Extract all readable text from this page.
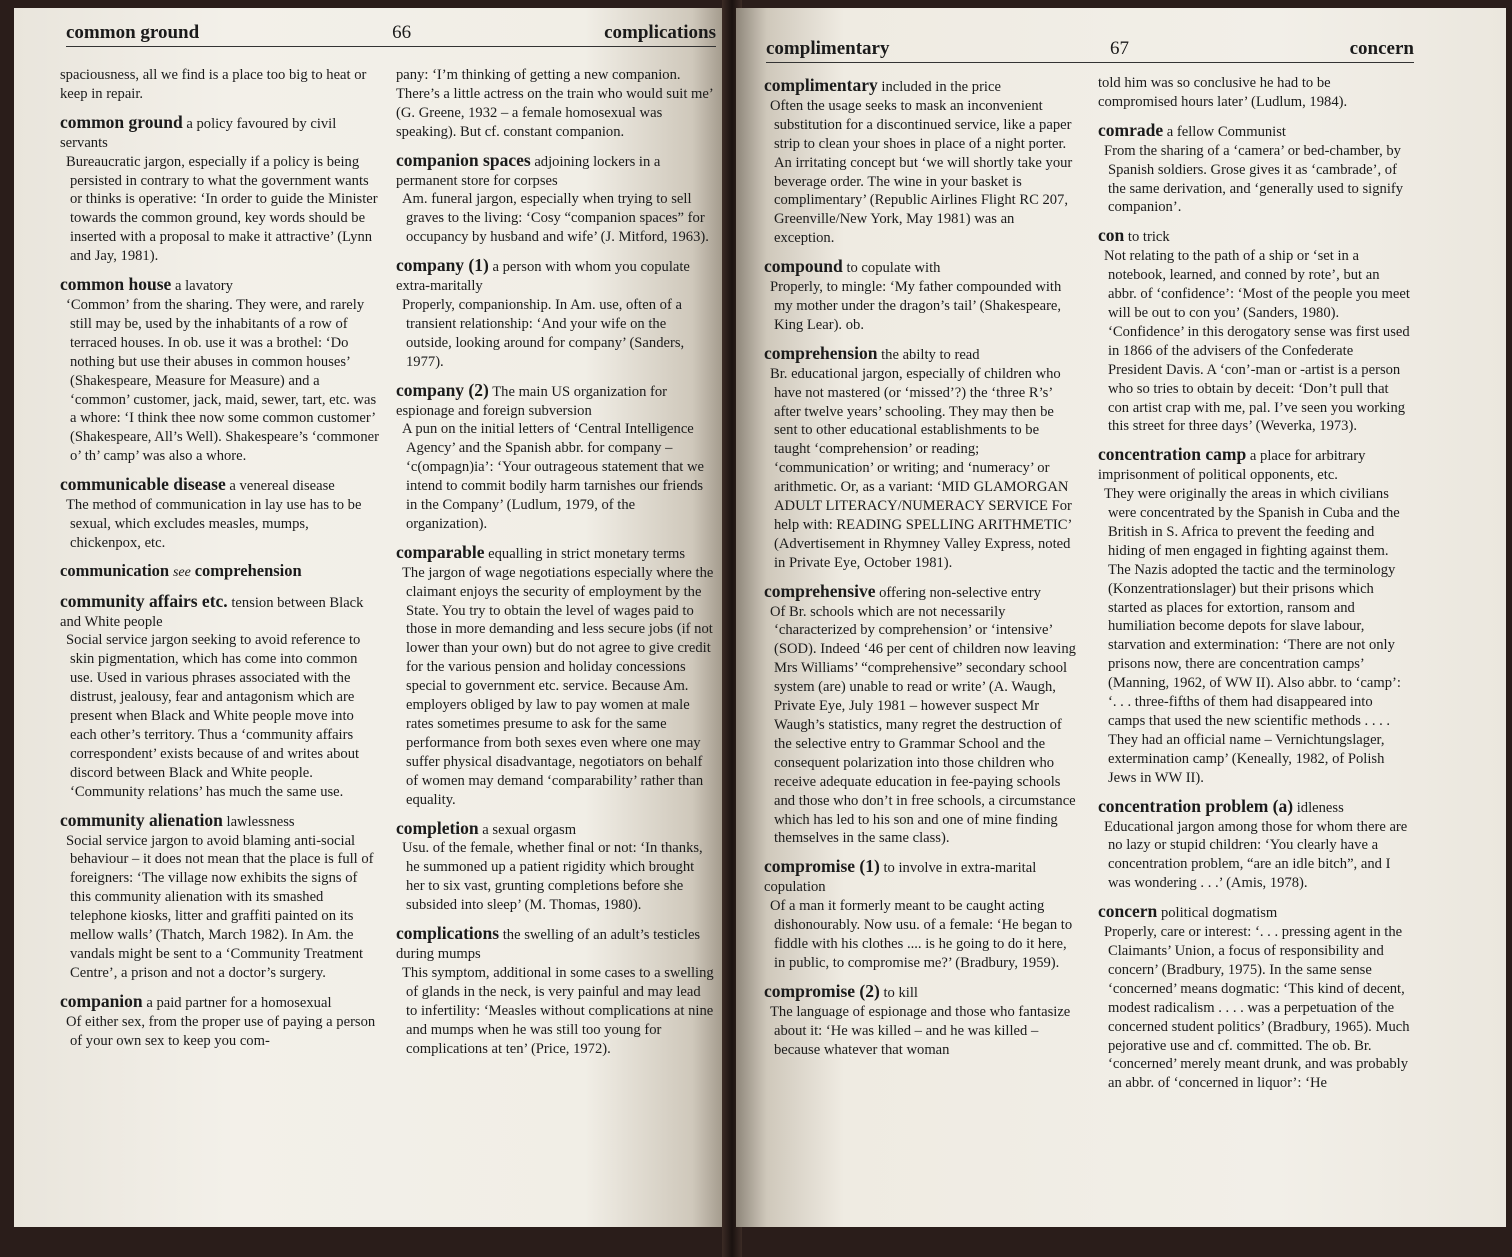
common ground	66	complications
spaciousness, all we find is a place too big to heat or keep in repair.
common ground a policy favoured by civil servants
Bureaucratic jargon, especially if a policy is being persisted in contrary to what the government wants or thinks is operative: ‘In order to guide the Minister towards the common ground, key words should be inserted with a proposal to make it attractive’ (Lynn and Jay, 1981).
common house a lavatory
‘Common’ from the sharing. They were, and rarely still may be, used by the inhabitants of a row of terraced houses. In ob. use it was a brothel: ‘Do nothing but use their abuses in common houses’ (Shakespeare, Measure for Measure) and a ‘common’ customer, jack, maid, sewer, tart, etc. was a whore: ‘I think thee now some common customer’ (Shakespeare, All’s Well). Shakespeare’s ‘commoner o’ th’ camp’ was also a whore.
communicable disease a venereal disease
The method of communication in lay use has to be sexual, which excludes measles, mumps, chickenpox, etc.
communication see comprehension
community affairs etc. tension between Black and White people
Social service jargon seeking to avoid reference to skin pigmentation, which has come into common use. Used in various phrases associated with the distrust, jealousy, fear and antagonism which are present when Black and White people move into each other’s territory. Thus a ‘community affairs correspondent’ exists because of and writes about discord between Black and White people. ‘Community relations’ has much the same use.
community alienation lawlessness
Social service jargon to avoid blaming anti-social behaviour – it does not mean that the place is full of foreigners: ‘The village now exhibits the signs of this community alienation with its smashed telephone kiosks, litter and graffiti painted on its mellow walls’ (Thatch, March 1982). In Am. the vandals might be sent to a ‘Community Treatment Centre’, a prison and not a doctor’s surgery.
companion a paid partner for a homosexual
Of either sex, from the proper use of paying a person of your own sex to keep you com-
pany: ‘I’m thinking of getting a new companion. There’s a little actress on the train who would suit me’ (G. Greene, 1932 – a female homosexual was speaking). But cf. constant companion.
companion spaces adjoining lockers in a permanent store for corpses
Am. funeral jargon, especially when trying to sell graves to the living: ‘Cosy “companion spaces” for occupancy by husband and wife’ (J. Mitford, 1963).
company (1) a person with whom you copulate extra-maritally
Properly, companionship. In Am. use, often of a transient relationship: ‘And your wife on the outside, looking around for company’ (Sanders, 1977).
company (2) The main US organization for espionage and foreign subversion
A pun on the initial letters of ‘Central Intelligence Agency’ and the Spanish abbr. for company – ‘c(ompagn)ia’: ‘Your outrageous statement that we intend to commit bodily harm tarnishes our friends in the Company’ (Ludlum, 1979, of the organization).
comparable equalling in strict monetary terms
The jargon of wage negotiations especially where the claimant enjoys the security of employment by the State. You try to obtain the level of wages paid to those in more demanding and less secure jobs (if not lower than your own) but do not agree to give credit for the various pension and holiday concessions special to government etc. service. Because Am. employers obliged by law to pay women at male rates sometimes presume to ask for the same performance from both sexes even where one may suffer physical disadvantage, negotiators on behalf of women may demand ‘comparability’ rather than equality.
completion a sexual orgasm
Usu. of the female, whether final or not: ‘In thanks, he summoned up a patient rigidity which brought her to six vast, grunting completions before she subsided into sleep’ (M. Thomas, 1980).
complications the swelling of an adult’s testicles during mumps
This symptom, additional in some cases to a swelling of glands in the neck, is very painful and may lead to infertility: ‘Measles without complications at nine and mumps when he was still too young for complications at ten’ (Price, 1972).
complimentary	67	concern
complimentary included in the price
Often the usage seeks to mask an inconvenient substitution for a discontinued service, like a paper strip to clean your shoes in place of a night porter. An irritating concept but ‘we will shortly take your beverage order. The wine in your basket is complimentary’ (Republic Airlines Flight RC 207, Greenville/New York, May 1981) was an exception.
compound to copulate with
Properly, to mingle: ‘My father compounded with my mother under the dragon’s tail’ (Shakespeare, King Lear). ob.
comprehension the abilty to read
Br. educational jargon, especially of children who have not mastered (or ‘missed’?) the ‘three R’s’ after twelve years’ schooling. They may then be sent to other educational establishments to be taught ‘comprehension’ or reading; ‘communication’ or writing; and ‘numeracy’ or arithmetic. Or, as a variant: ‘MID GLAMORGAN ADULT LITERACY/NUMERACY SERVICE For help with: READING SPELLING ARITHMETIC’ (Advertisement in Rhymney Valley Express, noted in Private Eye, October 1981).
comprehensive offering non-selective entry
Of Br. schools which are not necessarily ‘characterized by comprehension’ or ‘intensive’ (SOD). Indeed ‘46 per cent of children now leaving Mrs Williams’ “comprehensive” secondary school system (are) unable to read or write’ (A. Waugh, Private Eye, July 1981 – however suspect Mr Waugh’s statistics, many regret the destruction of the selective entry to Grammar School and the consequent polarization into those children who receive adequate education in fee-paying schools and those who don’t in free schools, a circumstance which has led to his son and one of mine finding themselves in the same class).
compromise (1) to involve in extra-marital copulation
Of a man it formerly meant to be caught acting dishonourably. Now usu. of a female: ‘He began to fiddle with his clothes .... is he going to do it here, in public, to compromise me?’ (Bradbury, 1959).
compromise (2) to kill
The language of espionage and those who fantasize about it: ‘He was killed – and he was killed – because whatever that woman
told him was so conclusive he had to be compromised hours later’ (Ludlum, 1984).
comrade a fellow Communist
From the sharing of a ‘camera’ or bed-chamber, by Spanish soldiers. Grose gives it as ‘cambrade’, of the same derivation, and ‘generally used to signify companion’.
con to trick
Not relating to the path of a ship or ‘set in a notebook, learned, and conned by rote’, but an abbr. of ‘confidence’: ‘Most of the people you meet will be out to con you’ (Sanders, 1980). ‘Confidence’ in this derogatory sense was first used in 1866 of the advisers of the Confederate President Davis. A ‘con’-man or -artist is a person who so tries to obtain by deceit: ‘Don’t pull that con artist crap with me, pal. I’ve seen you working this street for three days’ (Weverka, 1973).
concentration camp a place for arbitrary imprisonment of political opponents, etc.
They were originally the areas in which civilians were concentrated by the Spanish in Cuba and the British in S. Africa to prevent the feeding and hiding of men engaged in fighting against them. The Nazis adopted the tactic and the terminology (Konzentrationslager) but their prisons which started as places for extortion, ransom and humiliation become depots for slave labour, starvation and extermination: ‘There are not only prisons now, there are concentration camps’ (Manning, 1962, of WW II). Also abbr. to ‘camp’: ‘. . . three-fifths of them had disappeared into camps that used the new scientific methods . . . . They had an official name – Vernichtungslager, extermination camp’ (Keneally, 1982, of Polish Jews in WW II).
concentration problem (a) idleness
Educational jargon among those for whom there are no lazy or stupid children: ‘You clearly have a concentration problem, “are an idle bitch”, and I was wondering . . .’ (Amis, 1978).
concern political dogmatism
Properly, care or interest: ‘. . . pressing agent in the Claimants’ Union, a focus of responsibility and concern’ (Bradbury, 1975). In the same sense ‘concerned’ means dogmatic: ‘This kind of decent, modest radicalism . . . . was a perpetuation of the concerned student politics’ (Bradbury, 1965). Much pejorative use and cf. committed. The ob. Br. ‘concerned’ merely meant drunk, and was probably an abbr. of ‘concerned in liquor’: ‘He
